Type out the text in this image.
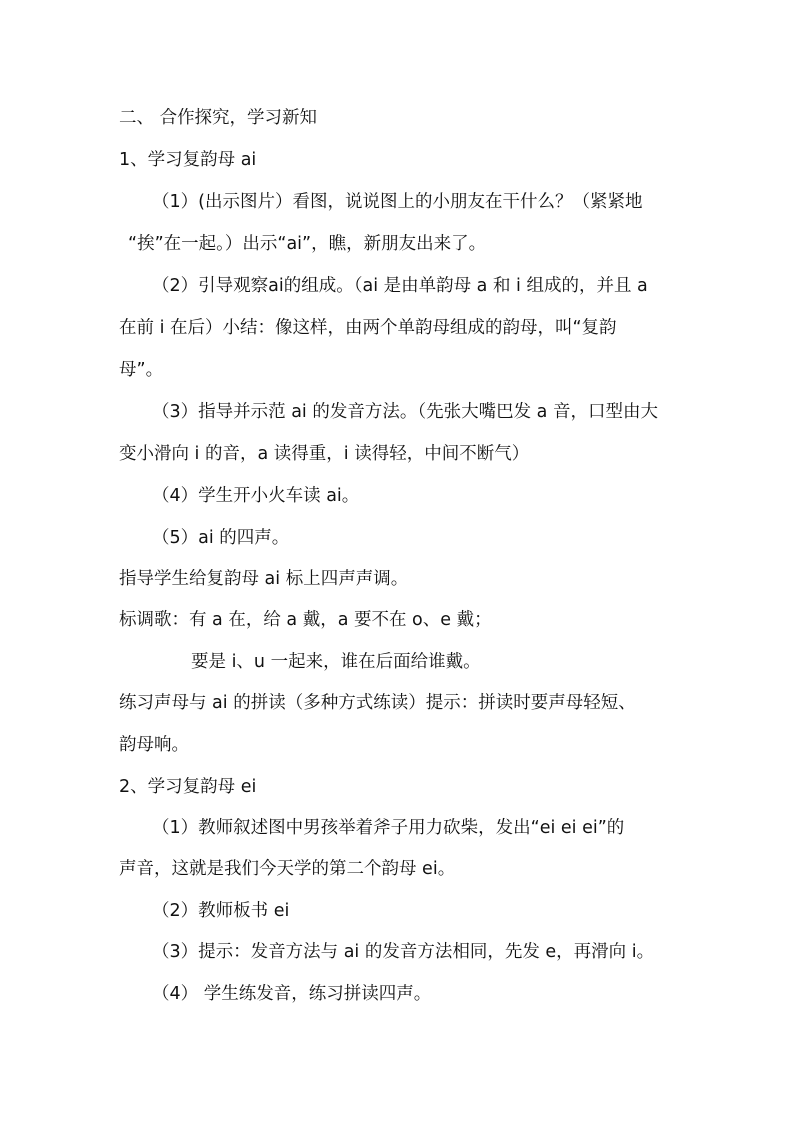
二、 合作探究，学习新知
1、学习复韵母 ai
（1）(出示图片）看图，说说图上的小朋友在干什么？（紧紧地
“挨”在一起。）出示“ai”，瞧，新朋友出来了。
（2）引导观察ai的组成。（ai 是由单韵母 a 和 i 组成的，并且 a
在前 i 在后）小结：像这样，由两个单韵母组成的韵母，叫“复韵
母”。
（3）指导并示范 ai 的发音方法。（先张大嘴巴发 a 音，口型由大
变小滑向 i 的音，a 读得重，i 读得轻，中间不断气）
（4）学生开小火车读 ai。
（5）ai 的四声。
指导学生给复韵母 ai 标上四声声调。
标调歌：有 a 在，给 a 戴，a 要不在 o、e 戴；
要是 i、u 一起来，谁在后面给谁戴。
练习声母与 ai 的拼读（多种方式练读）提示：拼读时要声母轻短、
韵母响。
2、学习复韵母 ei
（1）教师叙述图中男孩举着斧子用力砍柴，发出“ei ei ei”的
声音，这就是我们今天学的第二个韵母 ei。
（2）教师板书 ei
（3）提示：发音方法与 ai 的发音方法相同，先发 e，再滑向 i。
（4） 学生练发音，练习拼读四声。
